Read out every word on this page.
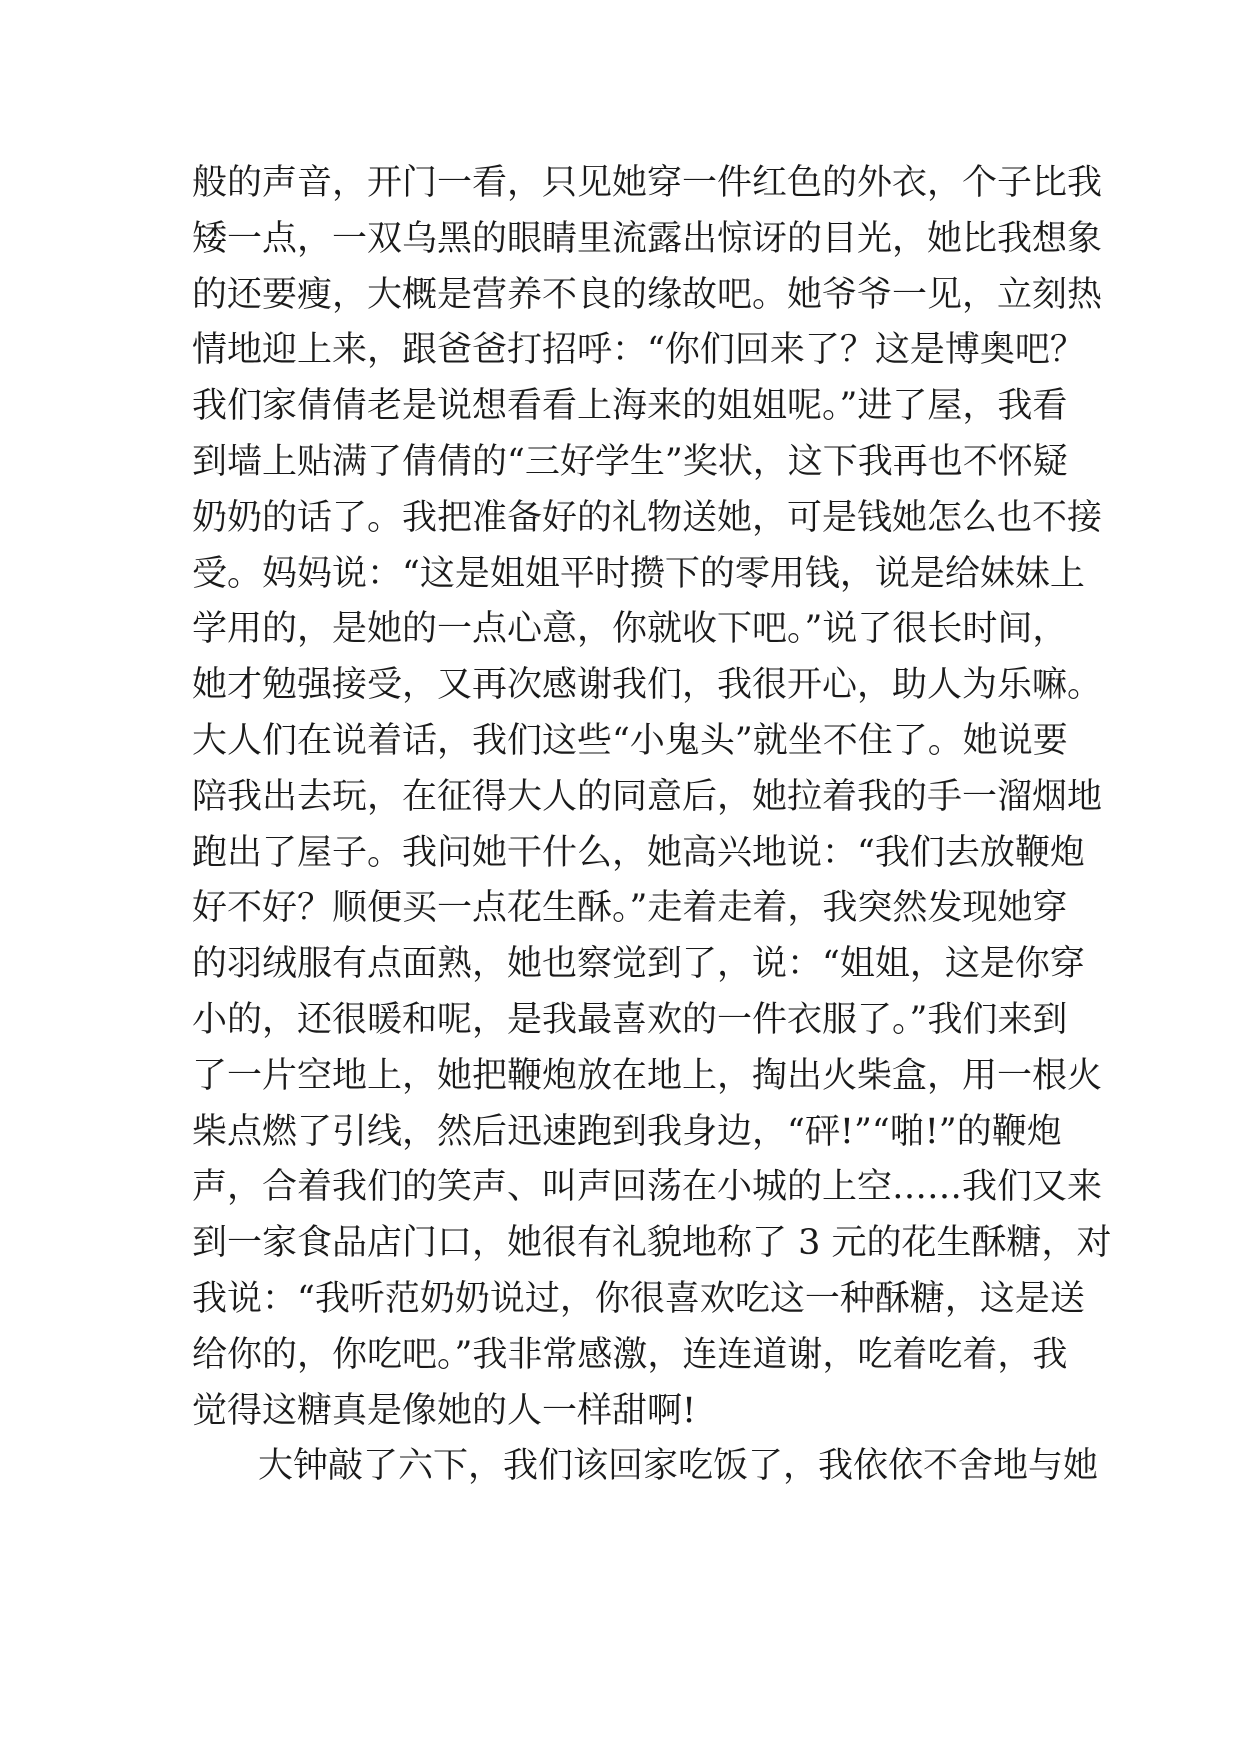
般的声音，开门一看，只见她穿一件红色的外衣，个子比我
矮一点，一双乌黑的眼睛里流露出惊讶的目光，她比我想象
的还要瘦，大概是营养不良的缘故吧。她爷爷一见，立刻热
情地迎上来，跟爸爸打招呼：“你们回来了？这是博奥吧？
我们家倩倩老是说想看看上海来的姐姐呢。”进了屋，我看
到墙上贴满了倩倩的“三好学生”奖状，这下我再也不怀疑
奶奶的话了。我把准备好的礼物送她，可是钱她怎么也不接
受。妈妈说：“这是姐姐平时攒下的零用钱，说是给妹妹上
学用的，是她的一点心意，你就收下吧。”说了很长时间，
她才勉强接受，又再次感谢我们，我很开心，助人为乐嘛。
大人们在说着话，我们这些“小鬼头”就坐不住了。她说要
陪我出去玩，在征得大人的同意后，她拉着我的手一溜烟地
跑出了屋子。我问她干什么，她高兴地说：“我们去放鞭炮
好不好？顺便买一点花生酥。”走着走着，我突然发现她穿
的羽绒服有点面熟，她也察觉到了，说：“姐姐，这是你穿
小的，还很暖和呢，是我最喜欢的一件衣服了。”我们来到
了一片空地上，她把鞭炮放在地上，掏出火柴盒，用一根火
柴点燃了引线，然后迅速跑到我身边，“砰!”“啪!”的鞭炮
声，合着我们的笑声、叫声回荡在小城的上空……我们又来
到一家食品店门口，她很有礼貌地称了 3 元的花生酥糖，对
我说：“我听范奶奶说过，你很喜欢吃这一种酥糖，这是送
给你的，你吃吧。”我非常感激，连连道谢，吃着吃着，我
觉得这糖真是像她的人一样甜啊!
大钟敲了六下，我们该回家吃饭了，我依依不舍地与她
